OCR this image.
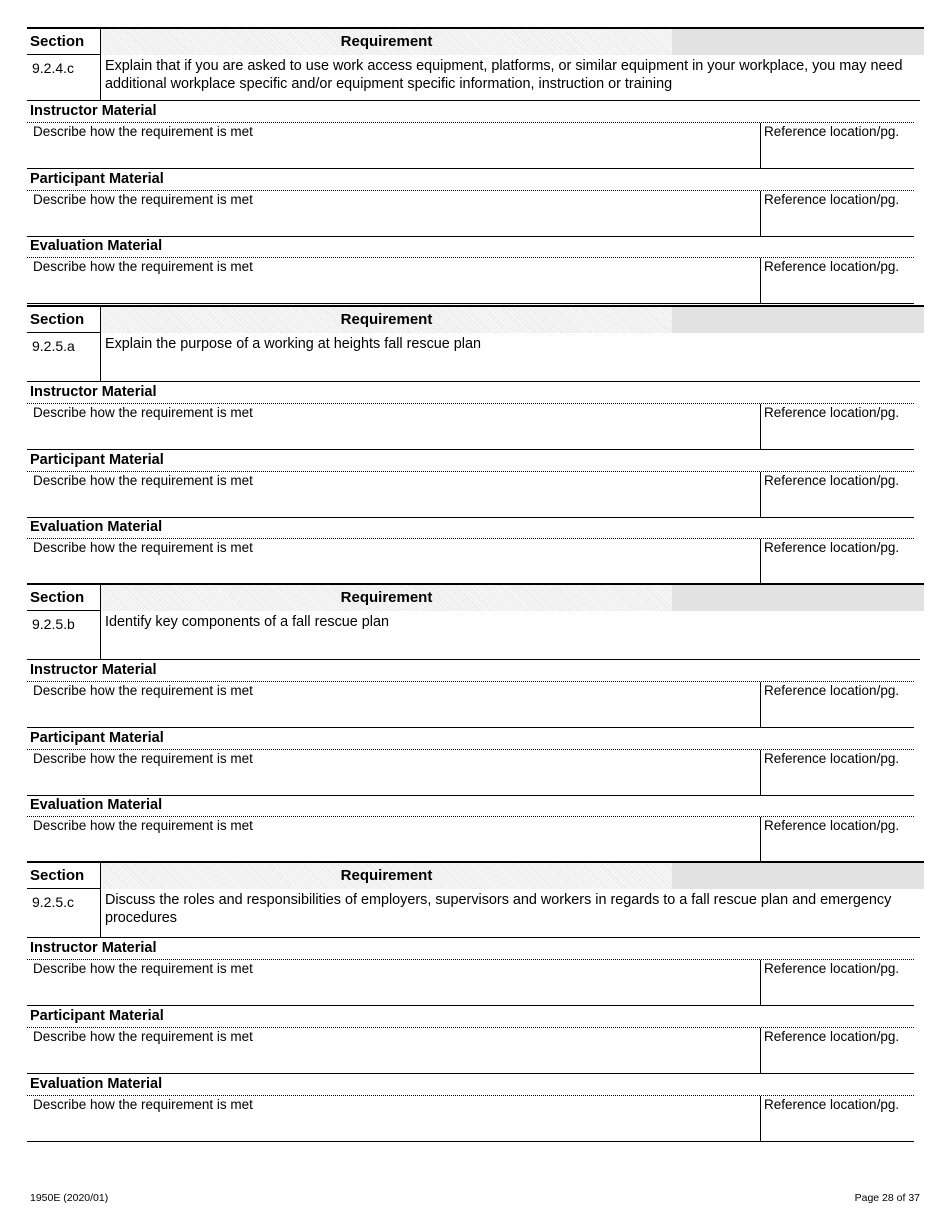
Section	Requirement
9.2.4.c	Explain that if you are asked to use work access equipment, platforms, or similar equipment in your workplace, you may need additional workplace specific and/or equipment specific information, instruction or training
Instructor Material
Describe how the requirement is met	Reference location/pg.
Participant Material
Describe how the requirement is met	Reference location/pg.
Evaluation Material
Describe how the requirement is met	Reference location/pg.
Section	Requirement
9.2.5.a	Explain the purpose of a working at heights fall rescue plan
Instructor Material
Describe how the requirement is met	Reference location/pg.
Participant Material
Describe how the requirement is met	Reference location/pg.
Evaluation Material
Describe how the requirement is met	Reference location/pg.
Section	Requirement
9.2.5.b	Identify key components of a fall rescue plan
Instructor Material
Describe how the requirement is met	Reference location/pg.
Participant Material
Describe how the requirement is met	Reference location/pg.
Evaluation Material
Describe how the requirement is met	Reference location/pg.
Section	Requirement
9.2.5.c	Discuss the roles and responsibilities of employers, supervisors and workers in regards to a fall rescue plan and emergency procedures
Instructor Material
Describe how the requirement is met	Reference location/pg.
Participant Material
Describe how the requirement is met	Reference location/pg.
Evaluation Material
Describe how the requirement is met	Reference location/pg.
1950E (2020/01)	Page 28 of 37
